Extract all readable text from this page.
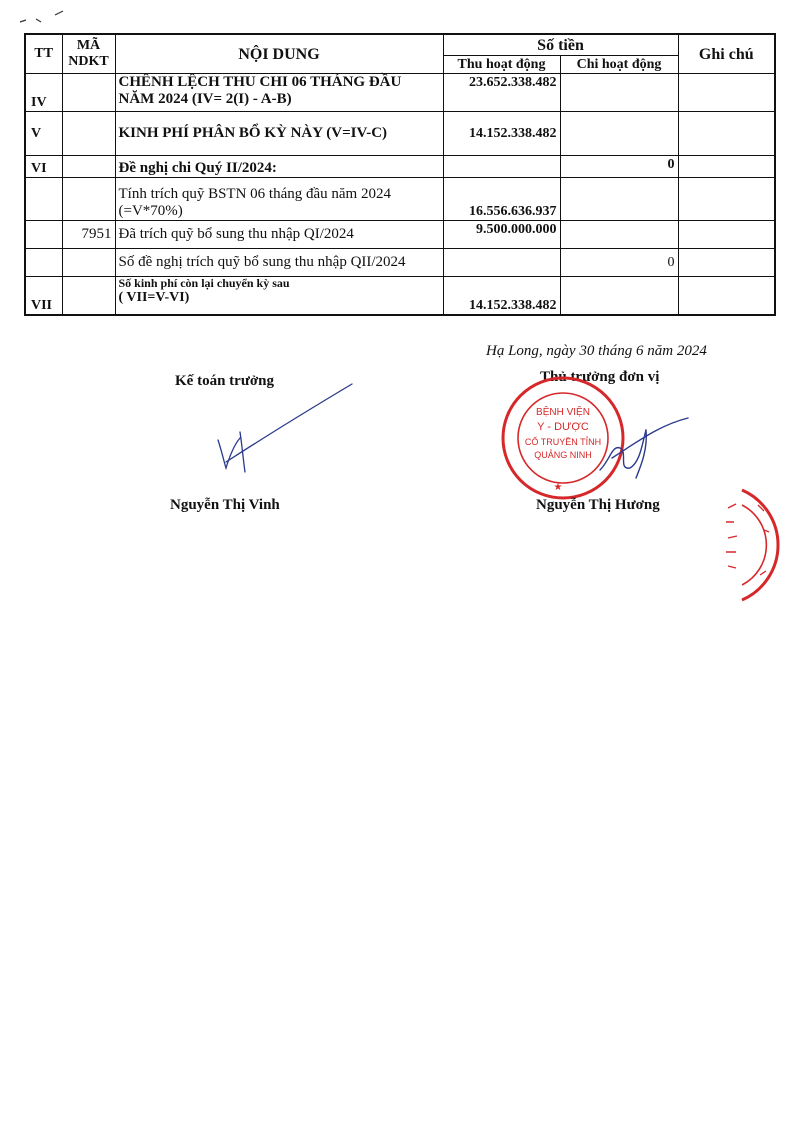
TT	MÃ
NDKT	NỘI DUNG	Số tiền		Ghi chú
			Thu hoạt động	Chi hoạt động	
IV		CHÊNH LỆCH THU CHI 06 THÁNG ĐẦU
NĂM 2024 (IV= 2(I) - A-B)	23.652.338.482		
V		KINH PHÍ PHÂN BỔ KỲ NÀY (V=IV-C)	14.152.338.482		
VI		Đề nghị chi Quý II/2024:		0	

		Tính trích quỹ BSTN 06 tháng đầu năm 2024
(=V*70%)	16.556.636.937		
	7951	Đã trích quỹ bổ sung thu nhập QI/2024	9.500.000.000		
		Số đề nghị trích quỹ bổ sung thu nhập QII/2024		0	
VII		Số kinh phí còn lại chuyển kỳ sau
( VII=V-VI)	14.152.338.482		
Hạ Long, ngày 30 tháng 6 năm 2024
Kế toán trưởng	Thủ trưởng đơn vị
BỆNH VIỆN
Y - DƯỢC
CỔ TRUYỀN TỈNH
QUẢNG NINH
★
Nguyễn Thị Vinh	Nguyễn Thị Hương
